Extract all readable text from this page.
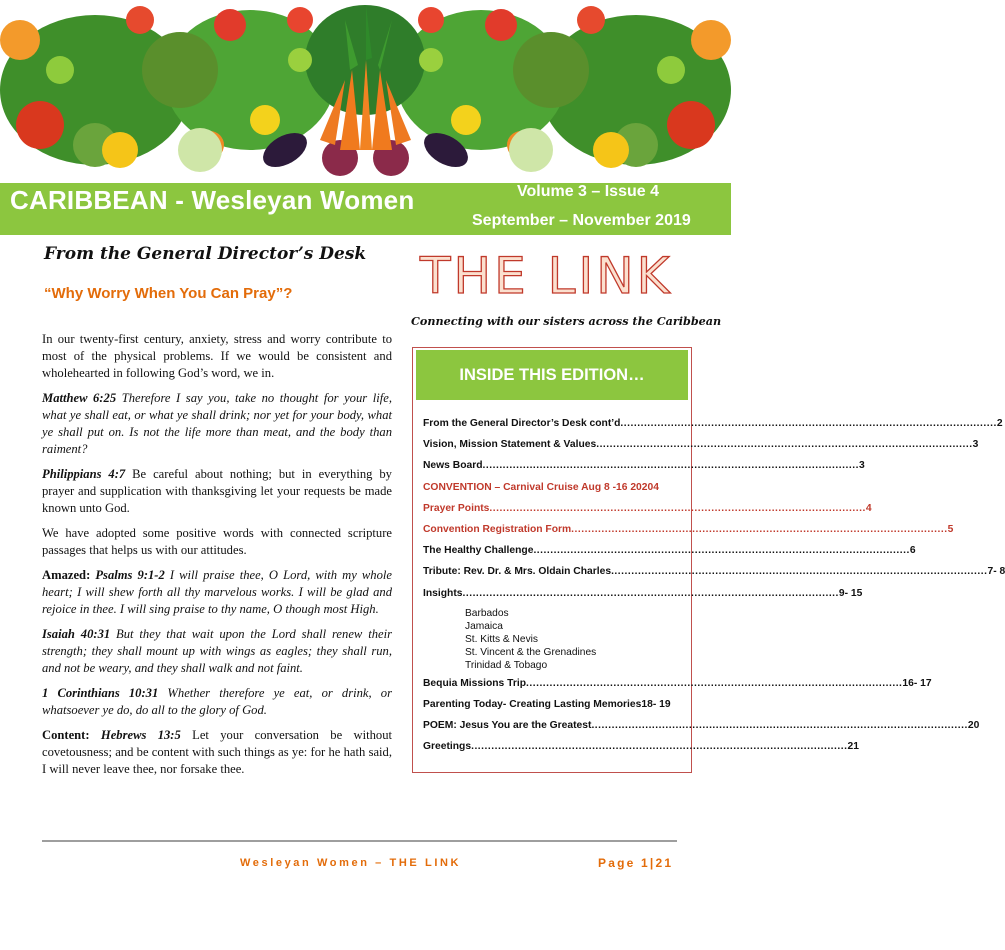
CARIBBEAN - Wesleyan Women	Volume 3 – Issue 4
September – November 2019
From the General Director’s Desk
“Why Worry When You Can Pray”?

In our twenty-first century, anxiety, stress and worry contribute to most of the physical problems. If we would be consistent and wholehearted in following God’s word, we in.

Matthew 6:25 Therefore I say you, take no thought for your life, what ye shall eat, or what ye shall drink; nor yet for your body, what ye shall put on. Is not the life more than meat, and the body than raiment?

Philippians 4:7 Be careful about nothing; but in everything by prayer and supplication with thanksgiving let your requests be made known unto God.

We have adopted some positive words with connected scripture passages that helps us with our attitudes.

Amazed: Psalms 9:1-2 I will praise thee, O Lord, with my whole heart; I will shew forth all thy marvelous works. I will be glad and rejoice in thee. I will sing praise to thy name, O though most High.

Isaiah 40:31 But they that wait upon the Lord shall renew their strength; they shall mount up with wings as eagles; they shall run, and not be weary, and they shall walk and not faint.

1 Corinthians 10:31 Whether therefore ye eat, or drink, or whatsoever ye do, do all to the glory of God.

Content: Hebrews 13:5 Let your conversation be without covetousness; and be content with such things as ye: for he hath said, I will never leave thee, nor forsake thee.

THE LINK
Connecting with our sisters across the Caribbean
INSIDE THIS EDITION…
From the General Director’s Desk cont’d .....	2
Vision, Mission Statement & Values .....	3
News Board .....	3
CONVENTION – Carnival Cruise Aug 8 -16 2020 ..... 4
Prayer Points .....	4
Convention Registration Form .....	5
The Healthy Challenge .....	6
Tribute: Rev. Dr. & Mrs. Oldain Charles .....	7- 8
Insights .....	9- 15
Barbados
Jamaica
St. Kitts & Nevis
St. Vincent & the Grenadines
Trinidad & Tobago
Bequia Missions Trip .....	16- 17
Parenting Today- Creating Lasting Memories 18- 19
POEM: Jesus You are the Greatest .....	20
Greetings .....	21
Wesleyan Women – THE LINK	Page 1|21
